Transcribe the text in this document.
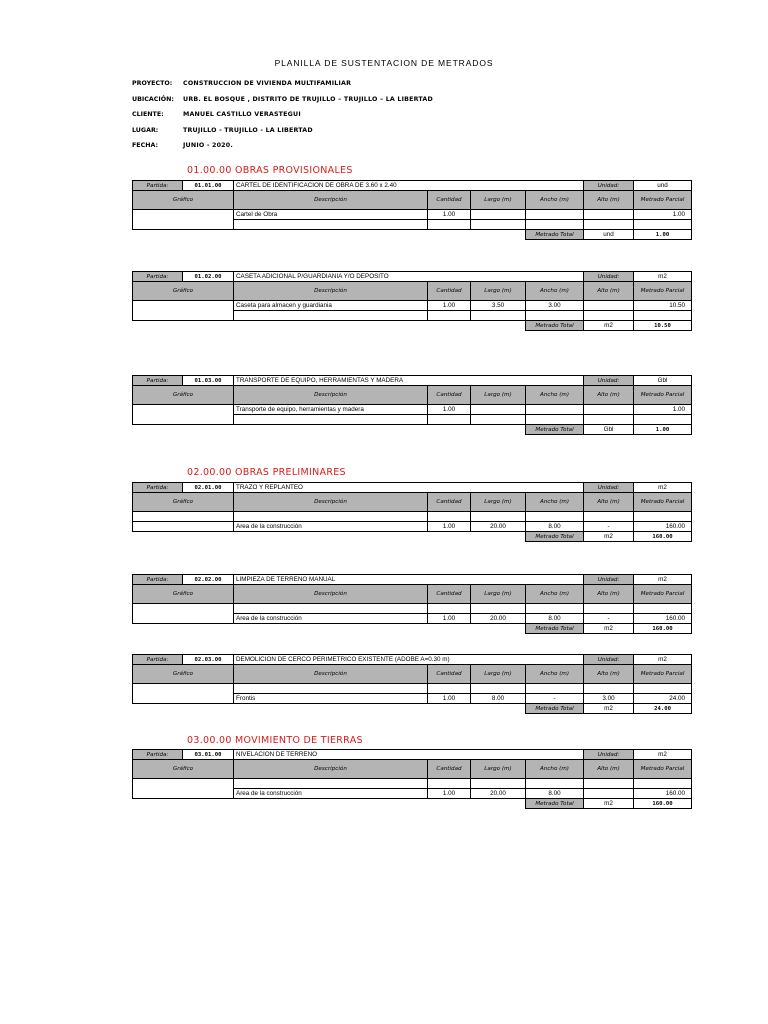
PLANILLA DE SUSTENTACION DE METRADOS
PROYECTO:	CONSTRUCCION DE VIVIENDA MULTIFAMILIAR
UBICACIÓN:	URB. EL BOSQUE , DISTRITO DE TRUJILLO – TRUJILLO – LA LIBERTAD
CLIENTE:	MANUEL CASTILLO VERASTEGUI
LUGAR:	TRUJILLO - TRUJILLO - LA LIBERTAD
FECHA:	JUNIO - 2020.
01.00.00 OBRAS PROVISIONALES
02.00.00 OBRAS PRELIMINARES
03.00.00 MOVIMIENTO DE TIERRAS
Partida:	01.01.00	CARTEL DE IDENTIFICACION DE OBRA DE 3.60 x 2.40				Unidad:	und
Gráfico		Descripción	Cantidad	Largo (m)	Ancho (m)	Alto (m)	Metrado Parcial
		Cartel de Obra	1.00				1.00

					Metrado Total	und	1.00
Partida:	01.02.00	CASETA ADICIONAL P/GUARDIANIA Y/O DEPOSITO				Unidad:	m2
Gráfico		Descripción	Cantidad	Largo (m)	Ancho (m)	Alto (m)	Metrado Parcial
		Caseta para almacen y guardiania	1.00	3.50	3.00		10.50

					Metrado Total	m2	10.50
Partida:	01.03.00	TRANSPORTE DE EQUIPO, HERRAMIENTAS Y MADERA				Unidad:	Gbl
Gráfico		Descripción	Cantidad	Largo (m)	Ancho (m)	Alto (m)	Metrado Parcial
		Transporte de equipo, herramientas y madera	1.00				1.00

					Metrado Total	Gbl	1.00
Partida:	02.01.00	TRAZO Y REPLANTEO				Unidad:	m2
Gráfico		Descripción	Cantidad	Largo (m)	Ancho (m)	Alto (m)	Metrado Parcial

		Area de la construcción	1.00	20.00	8.00	-	160.00
					Metrado Total	m2	160.00
Partida:	02.02.00	LIMPIEZA DE TERRENO MANUAL				Unidad:	m2
Gráfico		Descripción	Cantidad	Largo (m)	Ancho (m)	Alto (m)	Metrado Parcial

		Area de la construcción	1.00	20.00	8.00	-	160.00
					Metrado Total	m2	160.00
Partida:	02.03.00	DEMOLICION DE CERCO PERIMETRICO EXISTENTE (ADOBE A=0.30 m)				Unidad:	m2
Gráfico		Descripción	Cantidad	Largo (m)	Ancho (m)	Alto (m)	Metrado Parcial

		Frontis	1.00	8.00	-	3.00	24.00
					Metrado Total	m2	24.00
Partida:	03.01.00	NIVELACION DE TERRENO				Unidad:	m2
Gráfico		Descripción	Cantidad	Largo (m)	Ancho (m)	Alto (m)	Metrado Parcial

		Area de la construcción	1.00	20.00	8.00		160.00
					Metrado Total	m2	160.00
